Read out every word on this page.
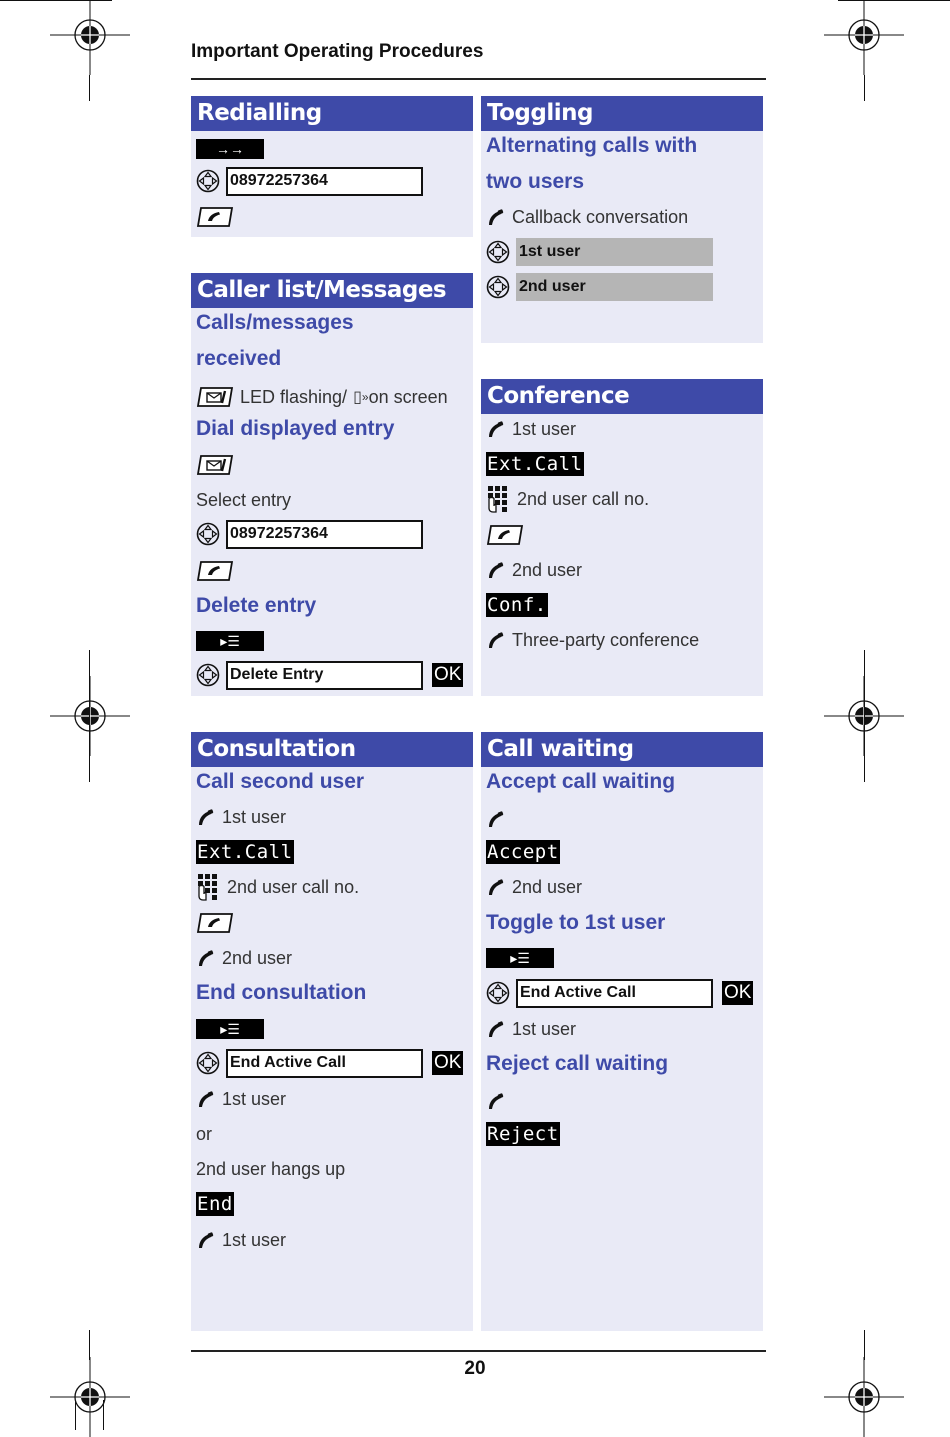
Important Operating Procedures
Redialling
→→
08972257364
Caller list/Messages
Calls/messages
received
LED flashing/ ▯ » on screen
Dial displayed entry
Select entry
08972257364
Delete entry
▸☰
Delete Entry	OK
Toggling
Alternating calls with
two users
Callback conversation
1st user
2nd user
Conference
1st user
Ext.Call
2nd user call no.
2nd user
Conf.
Three-party conference
Consultation
Call second user
1st user
Ext.Call
2nd user call no.
2nd user
End consultation
▸☰
End Active Call	OK
1st user
or
2nd user hangs up
End
1st user
Call waiting
Accept call waiting
Accept
2nd user
Toggle to 1st user
▸☰
End Active Call	OK
1st user
Reject call waiting
Reject
20
